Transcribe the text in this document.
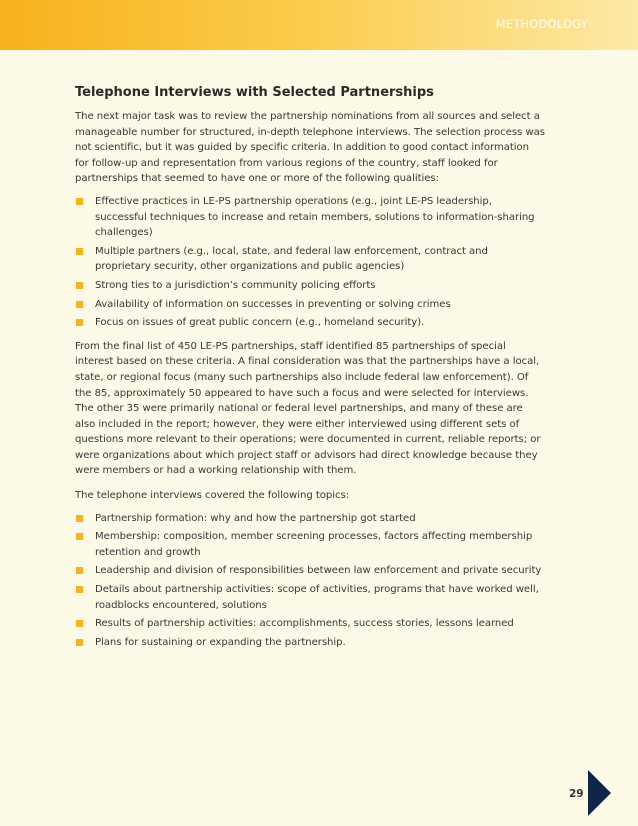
METHODOLOGY
Telephone Interviews with Selected Partnerships

The next major task was to review the partnership nominations from all sources and select a manageable number for structured, in-depth telephone interviews. The selection process was not scientific, but it was guided by specific criteria. In addition to good contact information for follow-up and representation from various regions of the country, staff looked for partnerships that seemed to have one or more of the following qualities:

Effective practices in LE-PS partnership operations (e.g., joint LE-PS leadership, successful techniques to increase and retain members, solutions to information-sharing challenges)
Multiple partners (e.g., local, state, and federal law enforcement, contract and proprietary security, other organizations and public agencies)
Strong ties to a jurisdiction’s community policing efforts
Availability of information on successes in preventing or solving crimes
Focus on issues of great public concern (e.g., homeland security).

From the final list of 450 LE-PS partnerships, staff identified 85 partnerships of special interest based on these criteria. A final consideration was that the partnerships have a local, state, or regional focus (many such partnerships also include federal law enforcement). Of the 85, approximately 50 appeared to have such a focus and were selected for interviews. The other 35 were primarily national or federal level partnerships, and many of these are also included in the report; however, they were either interviewed using different sets of questions more relevant to their operations; were documented in current, reliable reports; or were organizations about which project staff or advisors had direct knowledge because they were members or had a working relationship with them.

The telephone interviews covered the following topics:

Partnership formation: why and how the partnership got started
Membership: composition, member screening processes, factors affecting membership retention and growth
Leadership and division of responsibilities between law enforcement and private security
Details about partnership activities: scope of activities, programs that have worked well, roadblocks encountered, solutions
Results of partnership activities: accomplishments, success stories, lessons learned
Plans for sustaining or expanding the partnership.
29
